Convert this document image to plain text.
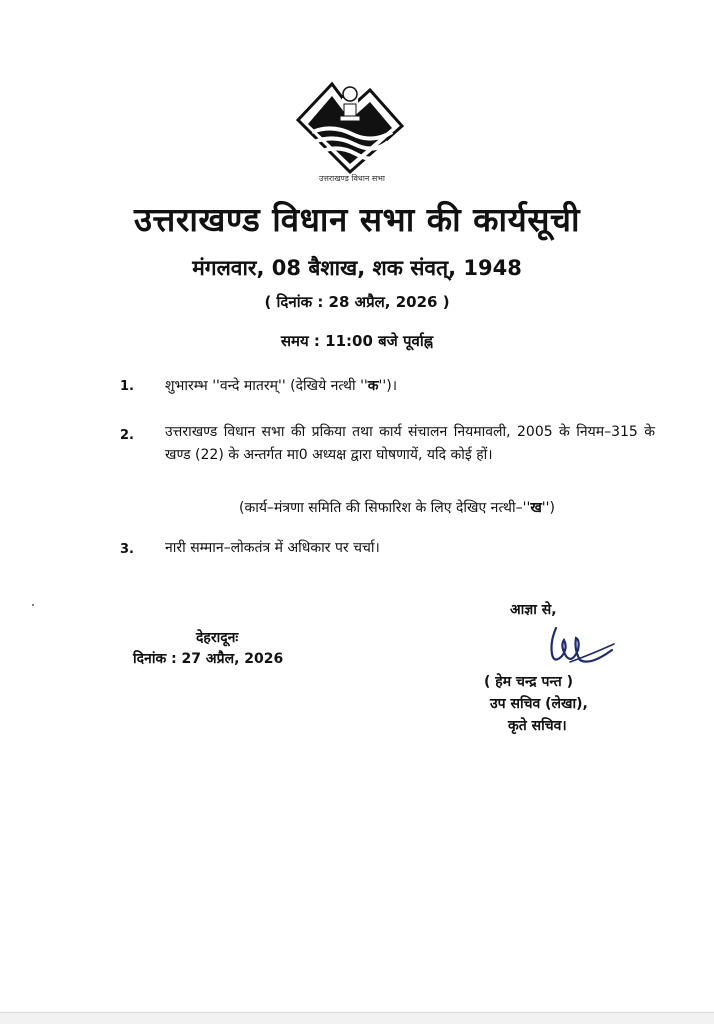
उत्तराखण्ड विधान सभा
उत्तराखण्ड विधान सभा की कार्यसूची
मंगलवार, 08 बैशाख, शक संवत्, 1948
( दिनांक : 28 अप्रैल, 2026 )
समय : 11:00 बजे पूर्वाह्न
1. शुभारम्भ ''वन्दे मातरम्'' (देखिये नत्थी ''क'')।
2. उत्तराखण्ड विधान सभा की प्रकिया तथा कार्य संचालन नियमावली, 2005 के नियम–315 के खण्ड (22) के अन्तर्गत मा0 अध्यक्ष द्वारा घोषणायें, यदि कोई हों।
(कार्य–मंत्रणा समिति की सिफारिश के लिए देखिए नत्थी–''ख'')
3. नारी सम्मान–लोकतंत्र में अधिकार पर चर्चा।
आज्ञा से,
देहरादूनः
दिनांक : 27 अप्रैल, 2026
( हेम चन्द्र पन्त )
उप सचिव (लेखा),
कृते सचिव।
